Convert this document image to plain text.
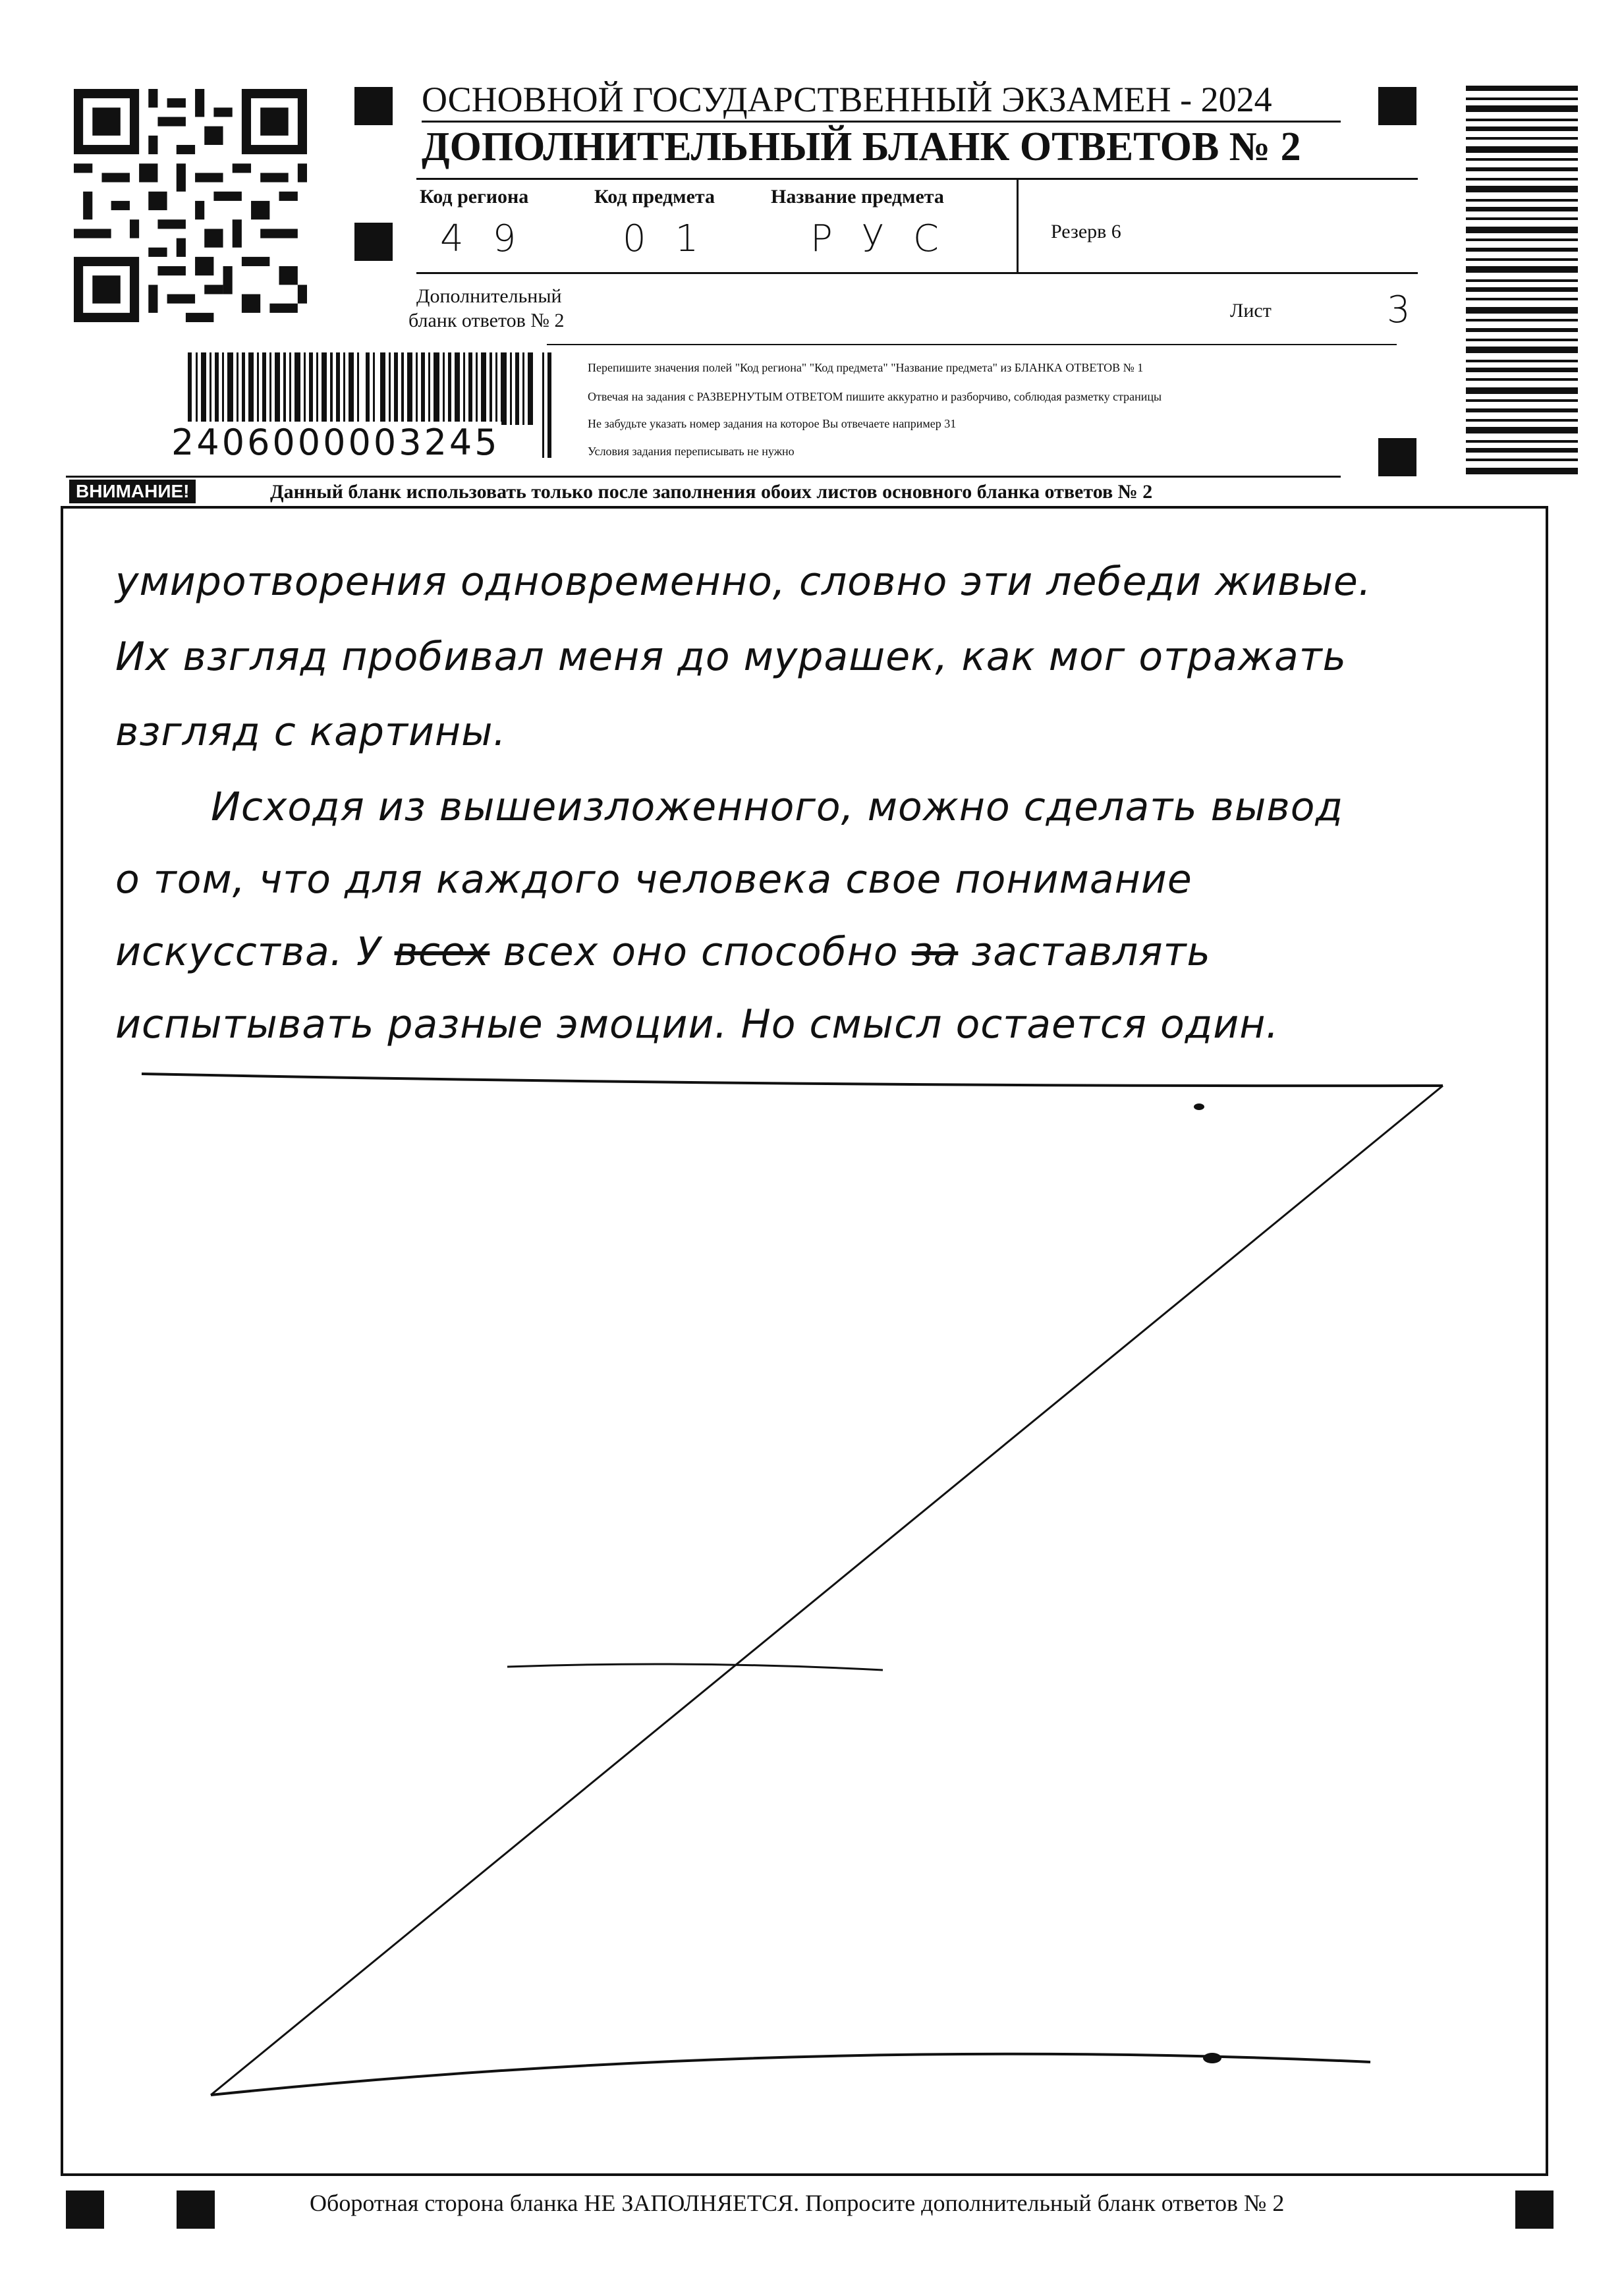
ОСНОВНОЙ ГОСУДАРСТВЕННЫЙ ЭКЗАМЕН - 2024
ДОПОЛНИТЕЛЬНЫЙ БЛАНК ОТВЕТОВ № 2
Код региона	Код предмета	Название предмета
49 01 РУС	Резерв 6
Дополнительный
бланк ответов № 2	Лист	3
2406000003245
Перепишите значения полей "Код региона" "Код предмета" "Название предмета" из БЛАНКА ОТВЕТОВ № 1
Отвечая на задания с РАЗВЕРНУТЫМ ОТВЕТОМ пишите аккуратно и разборчиво, соблюдая разметку страницы
Не забудьте указать номер задания на которое Вы отвечаете например 31
Условия задания переписывать не нужно
ВНИМАНИЕ!	Данный бланк использовать только после заполнения обоих листов основного бланка ответов № 2
умиротворения одновременно, словно эти лебеди живые.
Их взгляд пробивал меня до мурашек, как мог отражать
взгляд с картины.
Исходя из вышеизложенного, можно сделать вывод
о том, что для каждого человека свое понимание
искусства. У всех всех оно способно за заставлять
испытывать разные эмоции. Но смысл остается один.
Оборотная сторона бланка НЕ ЗАПОЛНЯЕТСЯ. Попросите дополнительный бланк ответов № 2
